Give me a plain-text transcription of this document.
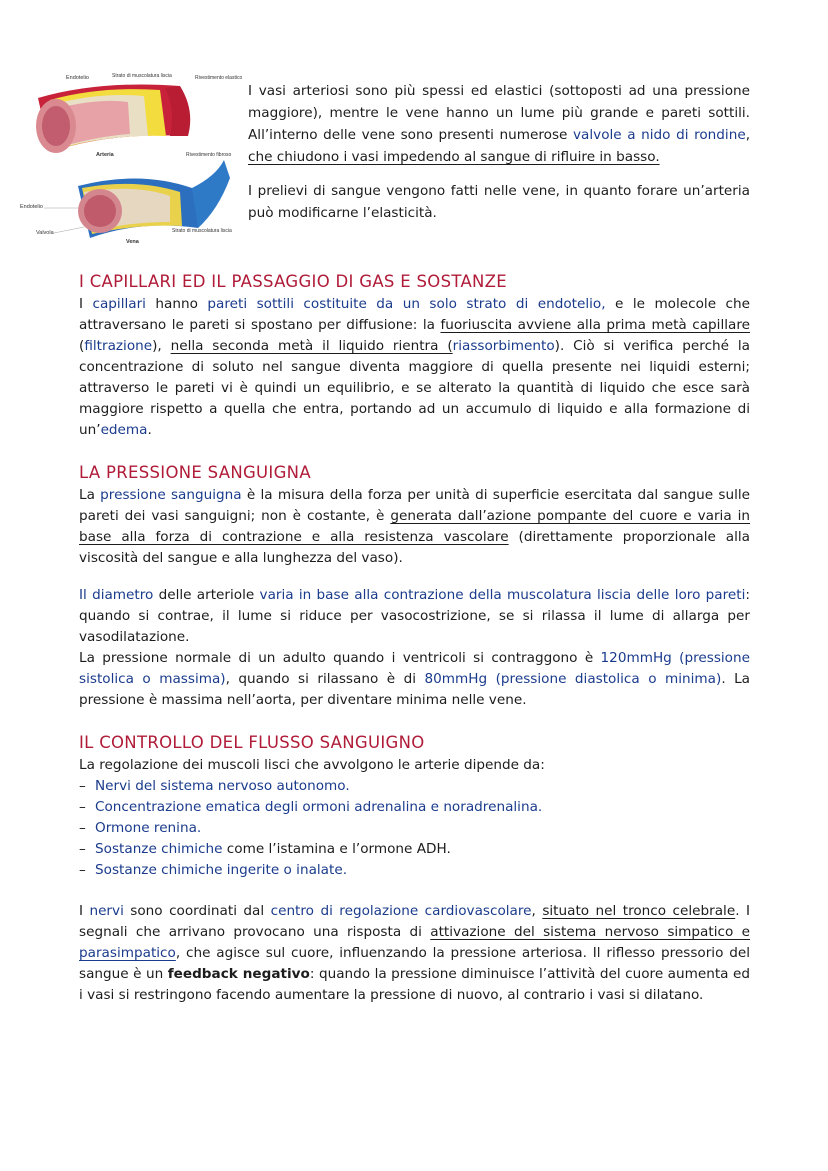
Endotelio	Strato di muscolatura liscia	Rivestimento elastico
Arteria	Rivestimento fibroso
Endotelio
Valvola	Strato di muscolatura liscia
Vena

I vasi arteriosi sono più spessi ed elastici (sottoposti ad una pressione maggiore), mentre le vene hanno un lume più grande e pareti sottili. All’interno delle vene sono presenti numerose valvole a nido di rondine, che chiudono i vasi impedendo al sangue di rifluire in basso.

I prelievi di sangue vengono fatti nelle vene, in quanto forare un’arteria può modificarne l’elasticità.

I CAPILLARI ED IL PASSAGGIO DI GAS E SOSTANZE

I capillari hanno pareti sottili costituite da un solo strato di endotelio, e le molecole che attraversano le pareti si spostano per diffusione: la fuoriuscita avviene alla prima metà capillare (filtrazione), nella seconda metà il liquido rientra (riassorbimento). Ciò si verifica perché la concentrazione di soluto nel sangue diventa maggiore di quella presente nei liquidi esterni; attraverso le pareti vi è quindi un equilibrio, e se alterato la quantità di liquido che esce sarà maggiore rispetto a quella che entra, portando ad un accumulo di liquido e alla formazione di un’edema.

LA PRESSIONE SANGUIGNA

La pressione sanguigna è la misura della forza per unità di superficie esercitata dal sangue sulle pareti dei vasi sanguigni; non è costante, è generata dall’azione pompante del cuore e varia in base alla forza di contrazione e alla resistenza vascolare (direttamente proporzionale alla viscosità del sangue e alla lunghezza del vaso).

Il diametro delle arteriole varia in base alla contrazione della muscolatura liscia delle loro pareti: quando si contrae, il lume si riduce per vasocostrizione, se si rilassa il lume di allarga per vasodilatazione.

La pressione normale di un adulto quando i ventricoli si contraggono è 120mmHg (pressione sistolica o massima), quando si rilassano è di 80mmHg (pressione diastolica o minima). La pressione è massima nell’aorta, per diventare minima nelle vene.

IL CONTROLLO DEL FLUSSO SANGUIGNO

La regolazione dei muscoli lisci che avvolgono le arterie dipende da:

– Nervi del sistema nervoso autonomo.
– Concentrazione ematica degli ormoni adrenalina e noradrenalina.
– Ormone renina.
– Sostanze chimiche come l’istamina e l’ormone ADH.
– Sostanze chimiche ingerite o inalate.

I nervi sono coordinati dal centro di regolazione cardiovascolare, situato nel tronco celebrale. I segnali che arrivano provocano una risposta di attivazione del sistema nervoso simpatico e parasimpatico, che agisce sul cuore, influenzando la pressione arteriosa. Il riflesso pressorio del sangue è un feedback negativo: quando la pressione diminuisce l’attività del cuore aumenta ed i vasi si restringono facendo aumentare la pressione di nuovo, al contrario i vasi si dilatano.
